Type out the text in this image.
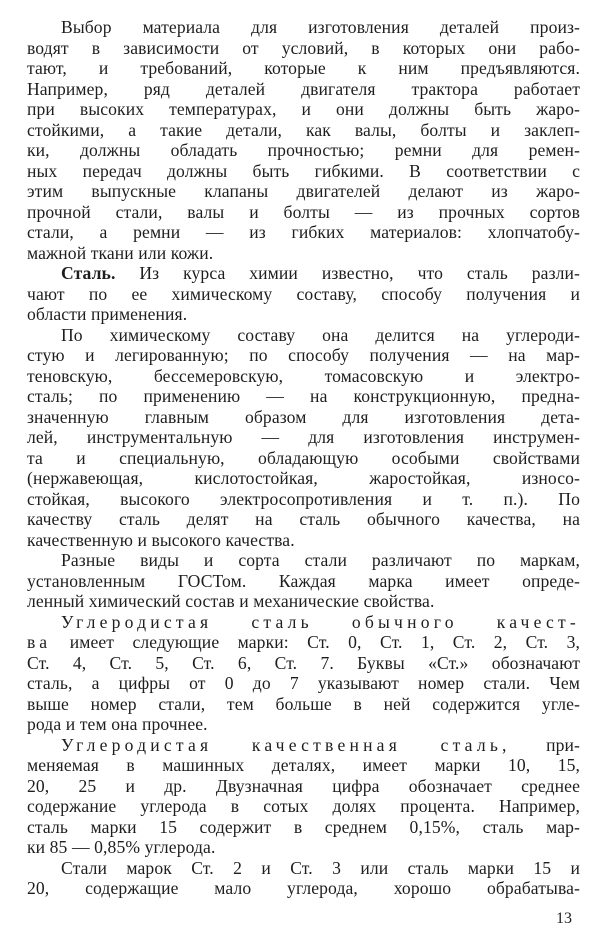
Выбор материала для изготовления деталей произ-
водят в зависимости от условий, в которых они рабо-
тают, и требований, которые к ним предъявляются.
Например, ряд деталей двигателя трактора работает
при высоких температурах, и они должны быть жаро-
стойкими, а такие детали, как валы, болты и заклеп-
ки, должны обладать прочностью; ремни для ремен-
ных передач должны быть гибкими. В соответствии с
этим выпускные клапаны двигателей делают из жаро-
прочной стали, валы и болты — из прочных сортов
стали, а ремни — из гибких материалов: хлопчатобу-
мажной ткани или кожи.
Сталь. Из курса химии известно, что сталь разли-
чают по ее химическому составу, способу получения и
области применения.
По химическому составу она делится на углероди-
стую и легированную; по способу получения — на мар-
теновскую, бессемеровскую, томасовскую и электро-
сталь; по применению — на конструкционную, предна-
значенную главным образом для изготовления дета-
лей, инструментальную — для изготовления инструмен-
та и специальную, обладающую особыми свойствами
(нержавеющая, кислотостойкая, жаростойкая, износо-
стойкая, высокого электросопротивления и т. п.). По
качеству сталь делят на сталь обычного качества, на
качественную и высокого качества.
Разные виды и сорта стали различают по маркам,
установленным ГОСТом. Каждая марка имеет опреде-
ленный химический состав и механические свойства.
Углеродистая сталь обычного качест-
ва имеет следующие марки: Ст. 0, Ст. 1, Ст. 2, Ст. 3,
Ст. 4, Ст. 5, Ст. 6, Ст. 7. Буквы «Ст.» обозначают
сталь, а цифры от 0 до 7 указывают номер стали. Чем
выше номер стали, тем больше в ней содержится угле-
рода и тем она прочнее.
Углеродистая качественная сталь, при-
меняемая в машинных деталях, имеет марки 10, 15,
20, 25 и др. Двузначная цифра обозначает среднее
содержание углерода в сотых долях процента. Например,
сталь марки 15 содержит в среднем 0,15%, сталь мар-
ки 85 — 0,85% углерода.
Стали марок Ст. 2 и Ст. 3 или сталь марки 15 и
20, содержащие мало углерода, хорошо обрабатыва-
13
